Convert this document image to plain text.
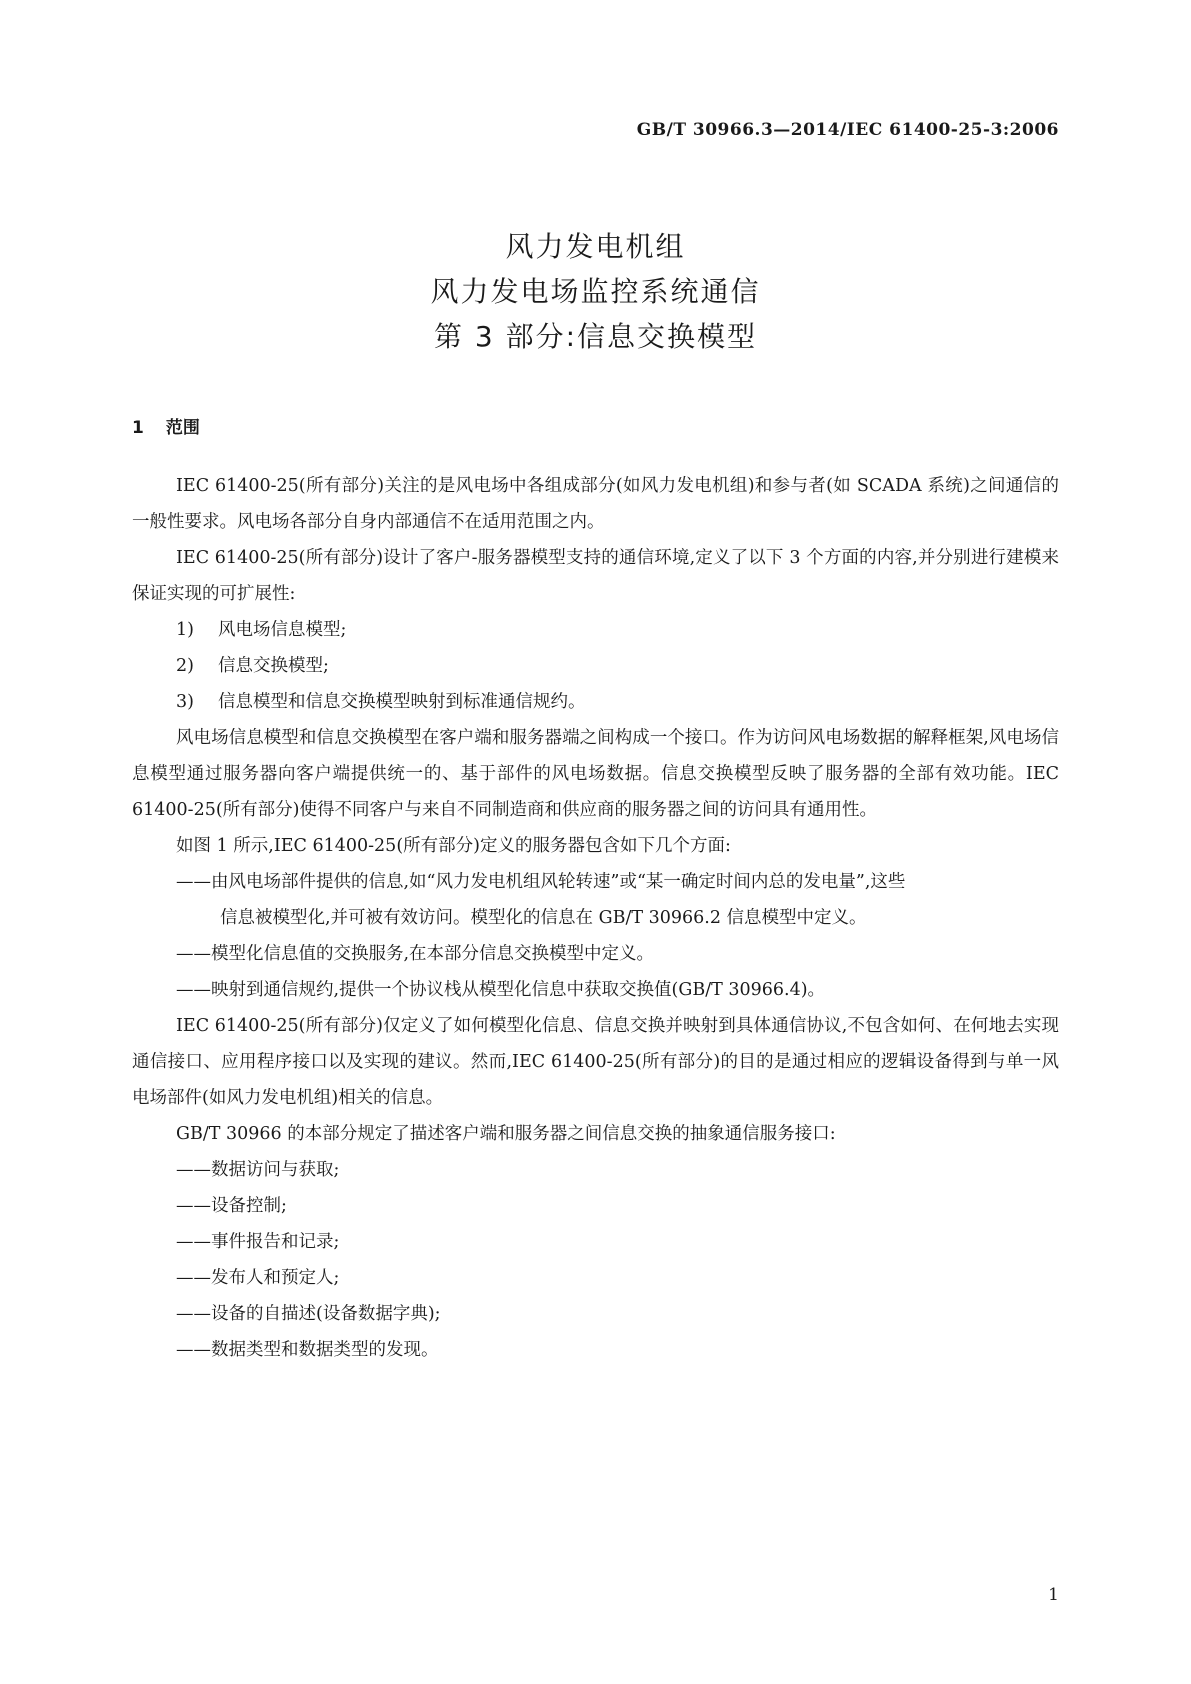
GB/T 30966.3—2014/IEC 61400-25-3:2006
风力发电机组
风力发电场监控系统通信
第 3 部分:信息交换模型
1 范围

IEC 61400-25(所有部分)关注的是风电场中各组成部分(如风力发电机组)和参与者(如 SCADA 系统)之间通信的一般性要求。风电场各部分自身内部通信不在适用范围之内。

IEC 61400-25(所有部分)设计了客户-服务器模型支持的通信环境,定义了以下 3 个方面的内容,并分别进行建模来保证实现的可扩展性:

1) 风电场信息模型;
2) 信息交换模型;
3) 信息模型和信息交换模型映射到标准通信规约。

风电场信息模型和信息交换模型在客户端和服务器端之间构成一个接口。作为访问风电场数据的解释框架,风电场信息模型通过服务器向客户端提供统一的、基于部件的风电场数据。信息交换模型反映了服务器的全部有效功能。IEC 61400-25(所有部分)使得不同客户与来自不同制造商和供应商的服务器之间的访问具有通用性。

如图 1 所示,IEC 61400-25(所有部分)定义的服务器包含如下几个方面:

——由风电场部件提供的信息,如“风力发电机组风轮转速”或“某一确定时间内总的发电量”,这些
信息被模型化,并可被有效访问。模型化的信息在 GB/T 30966.2 信息模型中定义。
——模型化信息值的交换服务,在本部分信息交换模型中定义。
——映射到通信规约,提供一个协议栈从模型化信息中获取交换值(GB/T 30966.4)。

IEC 61400-25(所有部分)仅定义了如何模型化信息、信息交换并映射到具体通信协议,不包含如何、在何地去实现通信接口、应用程序接口以及实现的建议。然而,IEC 61400-25(所有部分)的目的是通过相应的逻辑设备得到与单一风电场部件(如风力发电机组)相关的信息。

GB/T 30966 的本部分规定了描述客户端和服务器之间信息交换的抽象通信服务接口:

——数据访问与获取;
——设备控制;
——事件报告和记录;
——发布人和预定人;
——设备的自描述(设备数据字典);
——数据类型和数据类型的发现。
1
